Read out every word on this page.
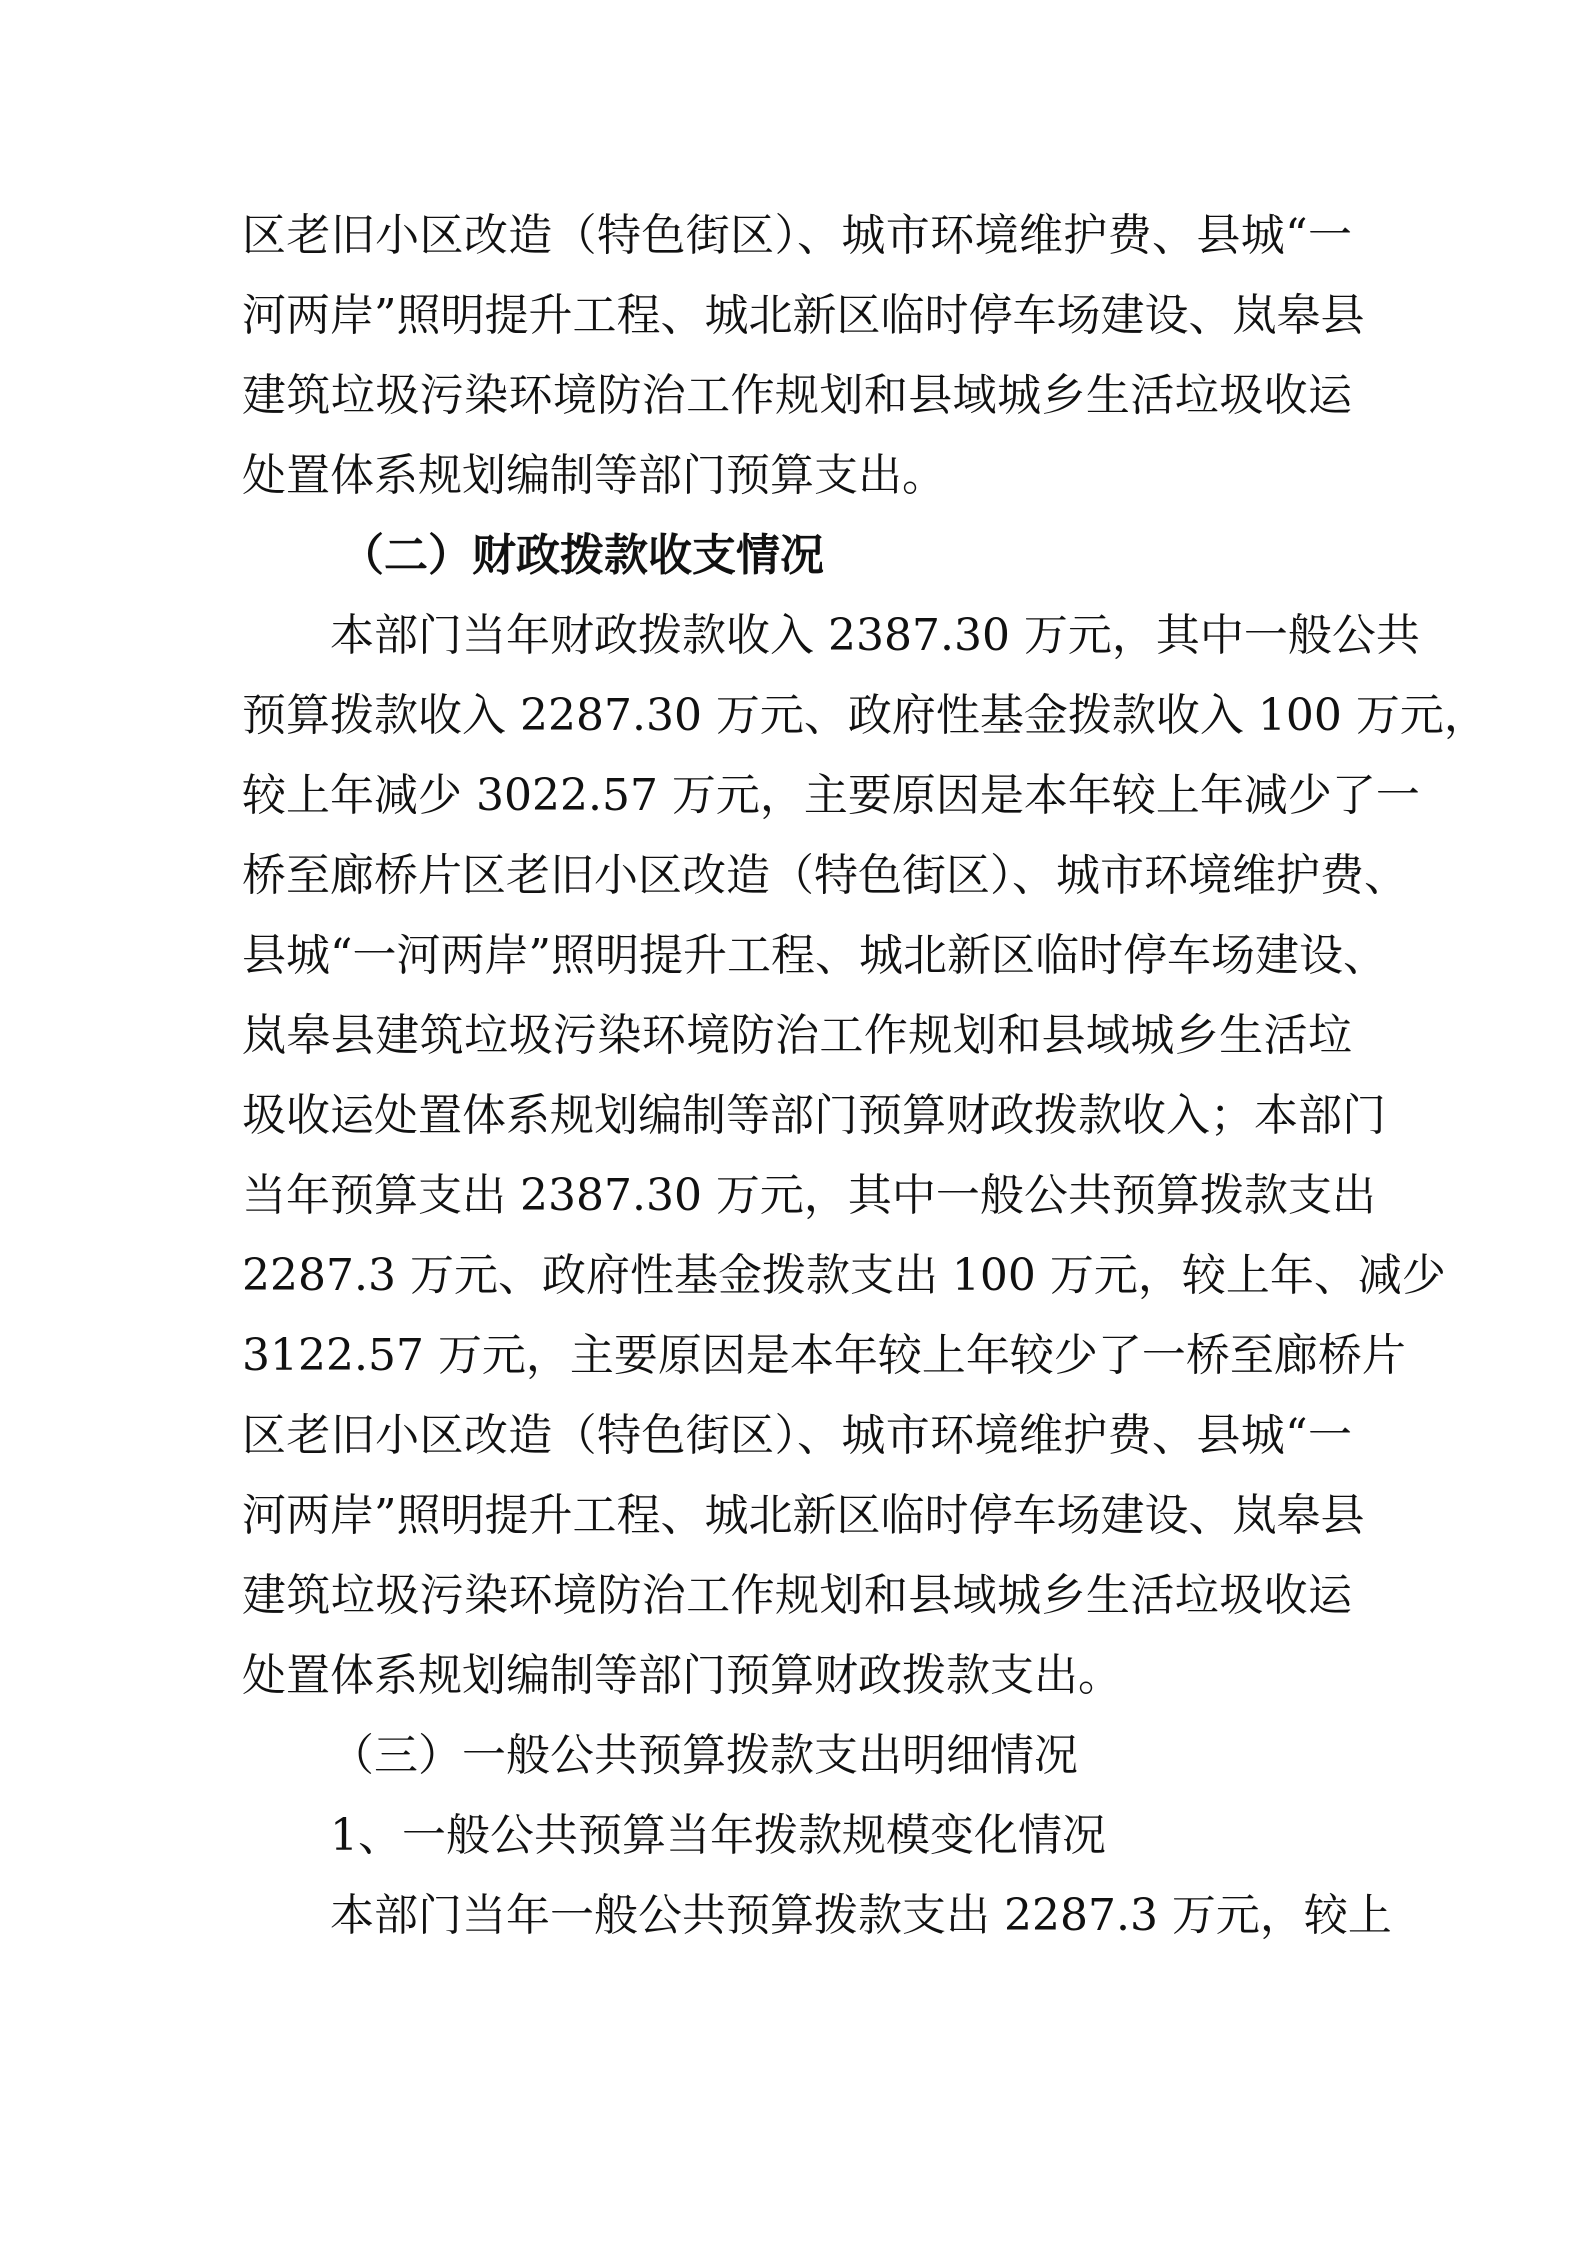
区老旧小区改造（特色街区）、城市环境维护费、县城“一
河两岸”照明提升工程、城北新区临时停车场建设、岚皋县
建筑垃圾污染环境防治工作规划和县域城乡生活垃圾收运
处置体系规划编制等部门预算支出。
（二）财政拨款收支情况
本部门当年财政拨款收入 2387.30 万元，其中一般公共
预算拨款收入 2287.30 万元、政府性基金拨款收入 100 万元，
较上年减少 3022.57 万元，主要原因是本年较上年减少了一
桥至廊桥片区老旧小区改造（特色街区）、城市环境维护费、
县城“一河两岸”照明提升工程、城北新区临时停车场建设、
岚皋县建筑垃圾污染环境防治工作规划和县域城乡生活垃
圾收运处置体系规划编制等部门预算财政拨款收入；本部门
当年预算支出 2387.30 万元，其中一般公共预算拨款支出
2287.3 万元、政府性基金拨款支出 100 万元，较上年、减少
3122.57 万元，主要原因是本年较上年较少了一桥至廊桥片
区老旧小区改造（特色街区）、城市环境维护费、县城“一
河两岸”照明提升工程、城北新区临时停车场建设、岚皋县
建筑垃圾污染环境防治工作规划和县域城乡生活垃圾收运
处置体系规划编制等部门预算财政拨款支出。
（三）一般公共预算拨款支出明细情况
1、一般公共预算当年拨款规模变化情况
本部门当年一般公共预算拨款支出 2287.3 万元，较上
